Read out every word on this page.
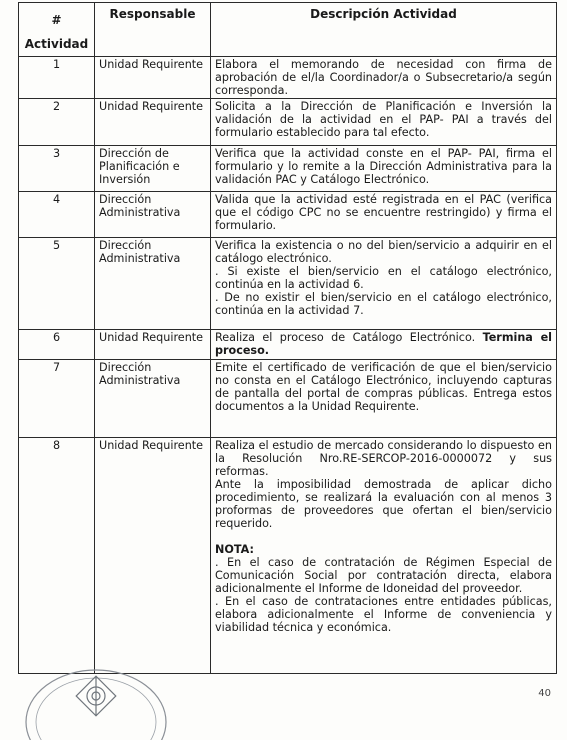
#
Actividad	Responsable	Descripción Actividad
1	Unidad Requirente	Elabora el memorando de necesidad con firma de aprobación de el/la Coordinador/a o Subsecretario/a según corresponda.
2	Unidad Requirente	Solicita a la Dirección de Planificación e Inversión la validación de la actividad en el PAP- PAI a través del formulario establecido para tal efecto.
3	Dirección de Planificación e Inversión	Verifica que la actividad conste en el PAP- PAI, firma el formulario y lo remite a la Dirección Administrativa para la validación PAC y Catálogo Electrónico.
4	Dirección Administrativa	Valida que la actividad esté registrada en el PAC (verifica que el código CPC no se encuentre restringido) y firma el formulario.
5	Dirección Administrativa	Verifica la existencia o no del bien/servicio a adquirir en el catálogo electrónico.
. Si existe el bien/servicio en el catálogo electrónico, continúa en la actividad 6.
. De no existir el bien/servicio en el catálogo electrónico, continúa en la actividad 7.

6	Unidad Requirente	Realiza el proceso de Catálogo Electrónico. Termina el proceso.
7	Dirección Administrativa	Emite el certificado de verificación de que el bien/servicio no consta en el Catálogo Electrónico, incluyendo capturas de pantalla del portal de compras públicas. Entrega estos documentos a la Unidad Requirente.
8	Unidad Requirente	Realiza el estudio de mercado considerando lo dispuesto en la Resolución Nro.RE-SERCOP-2016-0000072 y sus reformas.
Ante la imposibilidad demostrada de aplicar dicho procedimiento, se realizará la evaluación con al menos 3 proformas de proveedores que ofertan el bien/servicio requerido.
NOTA:
. En el caso de contratación de Régimen Especial de Comunicación Social por contratación directa, elabora adicionalmente el Informe de Idoneidad del proveedor.
. En el caso de contrataciones entre entidades públicas, elabora adicionalmente el Informe de conveniencia y viabilidad técnica y económica.
40
